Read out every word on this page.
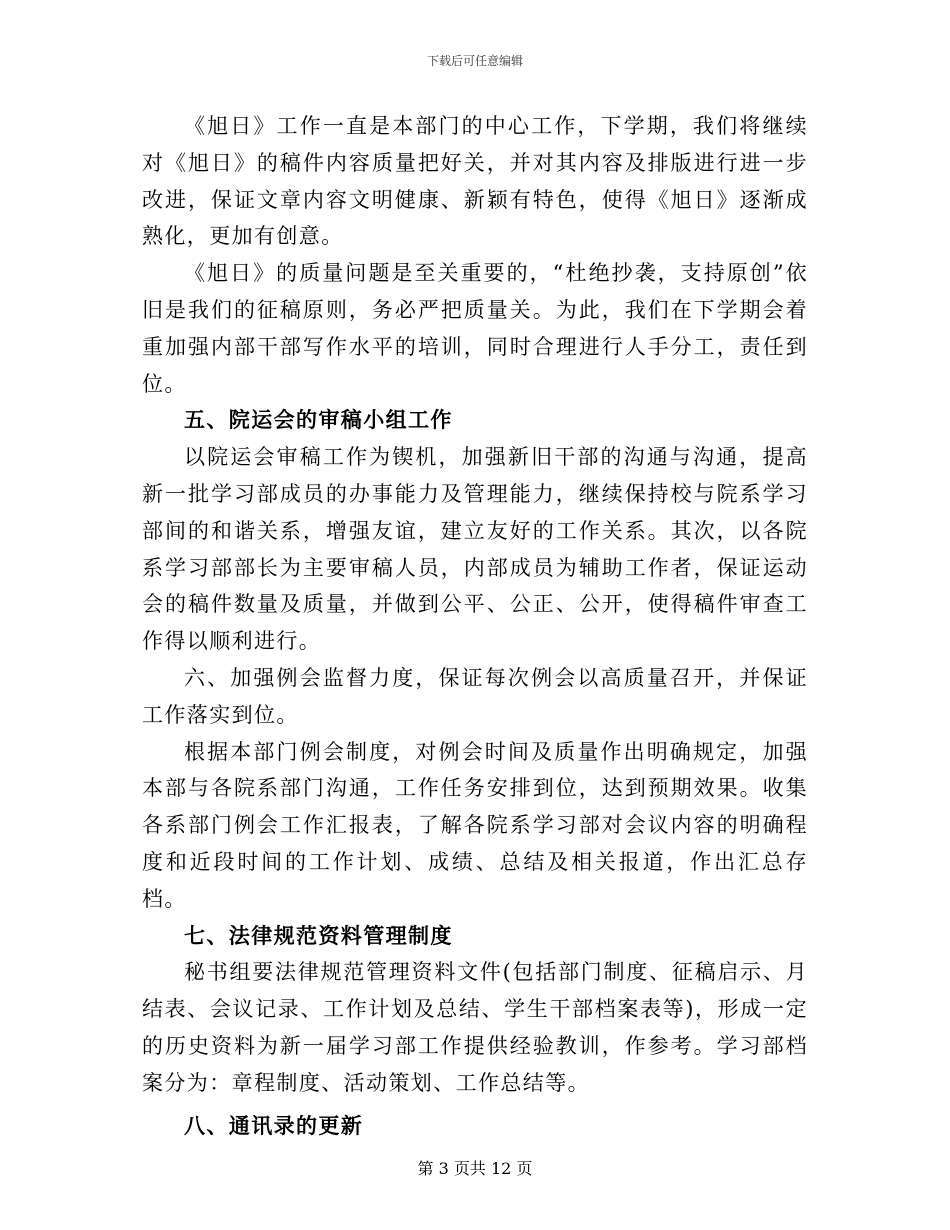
下载后可任意编辑

《旭日》工作一直是本部门的中心工作，下学期，我们将继续对《旭日》的稿件内容质量把好关，并对其内容及排版进行进一步改进，保证文章内容文明健康、新颖有特色，使得《旭日》逐渐成熟化，更加有创意。

《旭日》的质量问题是至关重要的，“杜绝抄袭，支持原创”依旧是我们的征稿原则，务必严把质量关。为此，我们在下学期会着重加强内部干部写作水平的培训，同时合理进行人手分工，责任到位。

五、院运会的审稿小组工作

以院运会审稿工作为锲机，加强新旧干部的沟通与沟通，提高新一批学习部成员的办事能力及管理能力，继续保持校与院系学习部间的和谐关系，增强友谊，建立友好的工作关系。其次，以各院系学习部部长为主要审稿人员，内部成员为辅助工作者，保证运动会的稿件数量及质量，并做到公平、公正、公开，使得稿件审查工作得以顺利进行。

六、加强例会监督力度，保证每次例会以高质量召开，并保证工作落实到位。

根据本部门例会制度，对例会时间及质量作出明确规定，加强本部与各院系部门沟通，工作任务安排到位，达到预期效果。收集各系部门例会工作汇报表，了解各院系学习部对会议内容的明确程度和近段时间的工作计划、成绩、总结及相关报道，作出汇总存档。

七、法律规范资料管理制度

秘书组要法律规范管理资料文件(包括部门制度、征稿启示、月结表、会议记录、工作计划及总结、学生干部档案表等)，形成一定的历史资料为新一届学习部工作提供经验教训，作参考。学习部档案分为：章程制度、活动策划、工作总结等。

八、通讯录的更新

第 3 页共 12 页
